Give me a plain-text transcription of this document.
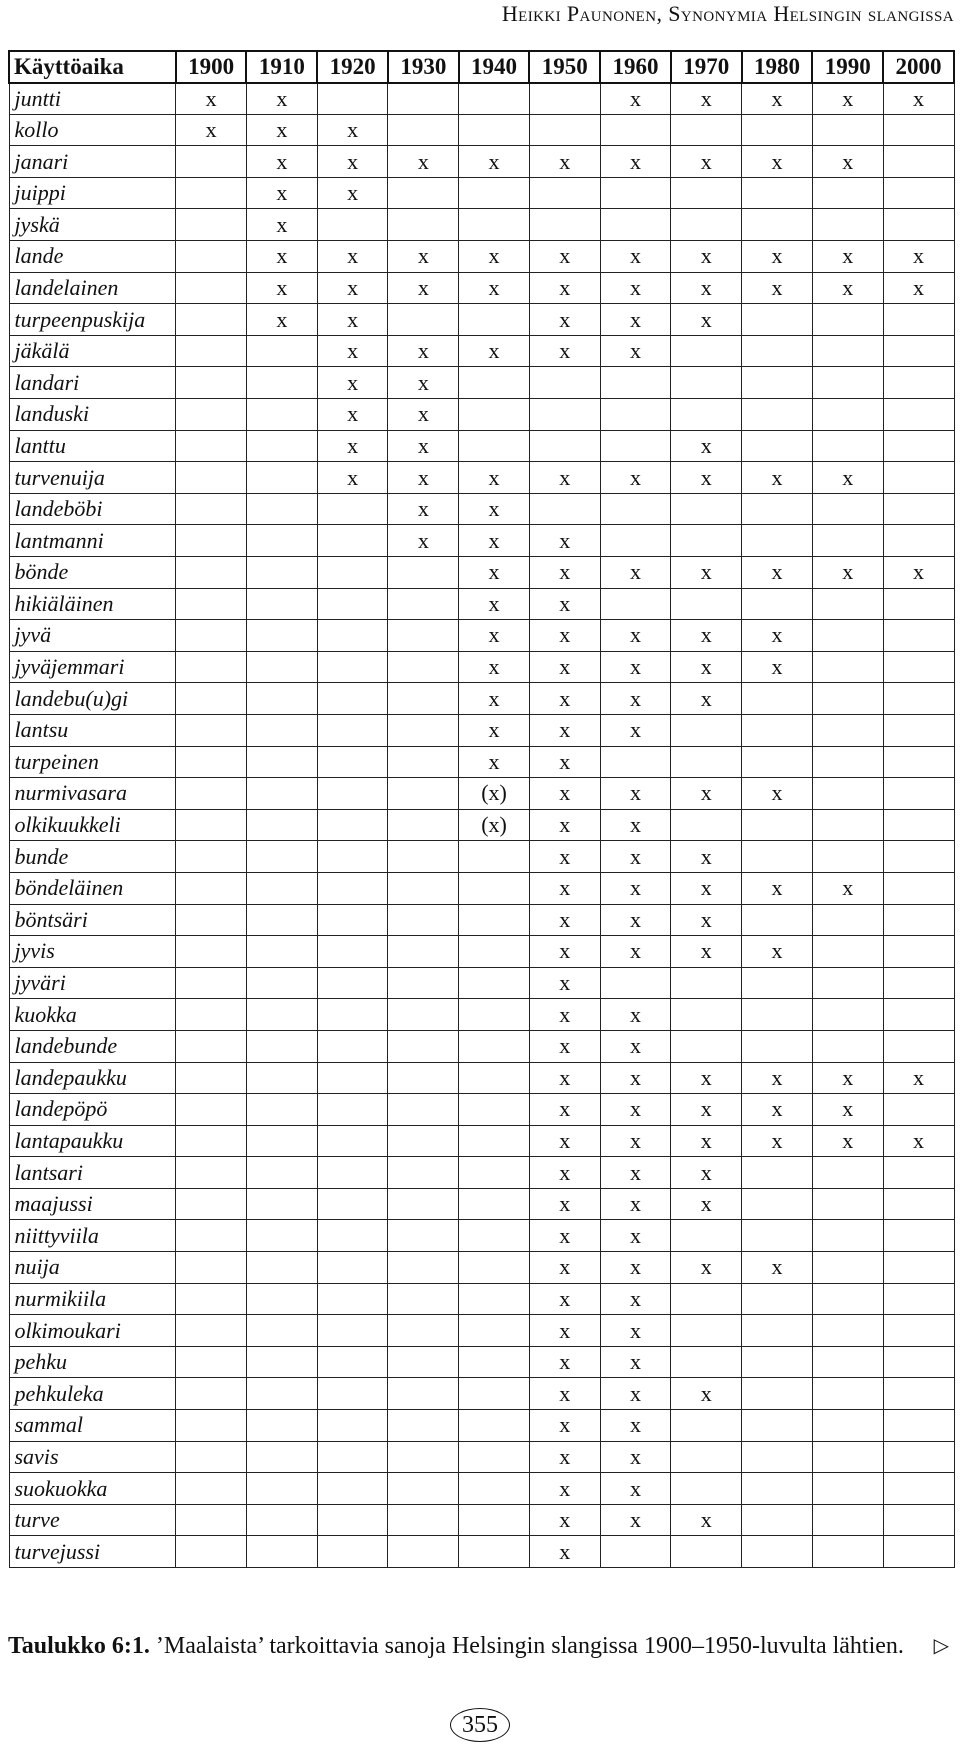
Heikki Paunonen, Synonymia Helsingin slangissa
Käyttöaika	1900	1910	1920	1930	1940	1950	1960	1970	1980	1990	2000
juntti	x	x					x	x	x	x	x
kollo	x	x	x								
janari		x	x	x	x	x	x	x	x	x	
juippi		x	x								
jyskä		x									
lande		x	x	x	x	x	x	x	x	x	x
landelainen		x	x	x	x	x	x	x	x	x	x
turpeenpuskija		x	x			x	x	x			
jäkälä			x	x	x	x	x				
landari			x	x							
landuski			x	x							
lanttu			x	x				x			
turvenuija			x	x	x	x	x	x	x	x	
landeböbi				x	x						
lantmanni				x	x	x					
bönde					x	x	x	x	x	x	x
hikiäläinen					x	x					
jyvä					x	x	x	x	x		
jyväjemmari					x	x	x	x	x		
landebu(u)gi					x	x	x	x			
lantsu					x	x	x				
turpeinen					x	x					
nurmivasara					(x)	x	x	x	x		
olkikuukkeli					(x)	x	x				
bunde						x	x	x			
böndeläinen						x	x	x	x	x	
böntsäri						x	x	x			
jyvis						x	x	x	x		
jyväri						x					
kuokka						x	x				
landebunde						x	x				
landepaukku						x	x	x	x	x	x
landepöpö						x	x	x	x	x	
lantapaukku						x	x	x	x	x	x
lantsari						x	x	x			
maajussi						x	x	x			
niittyviila						x	x				
nuija						x	x	x	x		
nurmikiila						x	x				
olkimoukari						x	x				
pehku						x	x				
pehkuleka						x	x	x			
sammal						x	x				
savis						x	x				
suokuokka						x	x				
turve						x	x	x			
turvejussi						x					
Taulukko 6:1. ’Maalaista’ tarkoittavia sanoja Helsingin slangissa 1900–1950-luvulta lähtien. ▷
355
